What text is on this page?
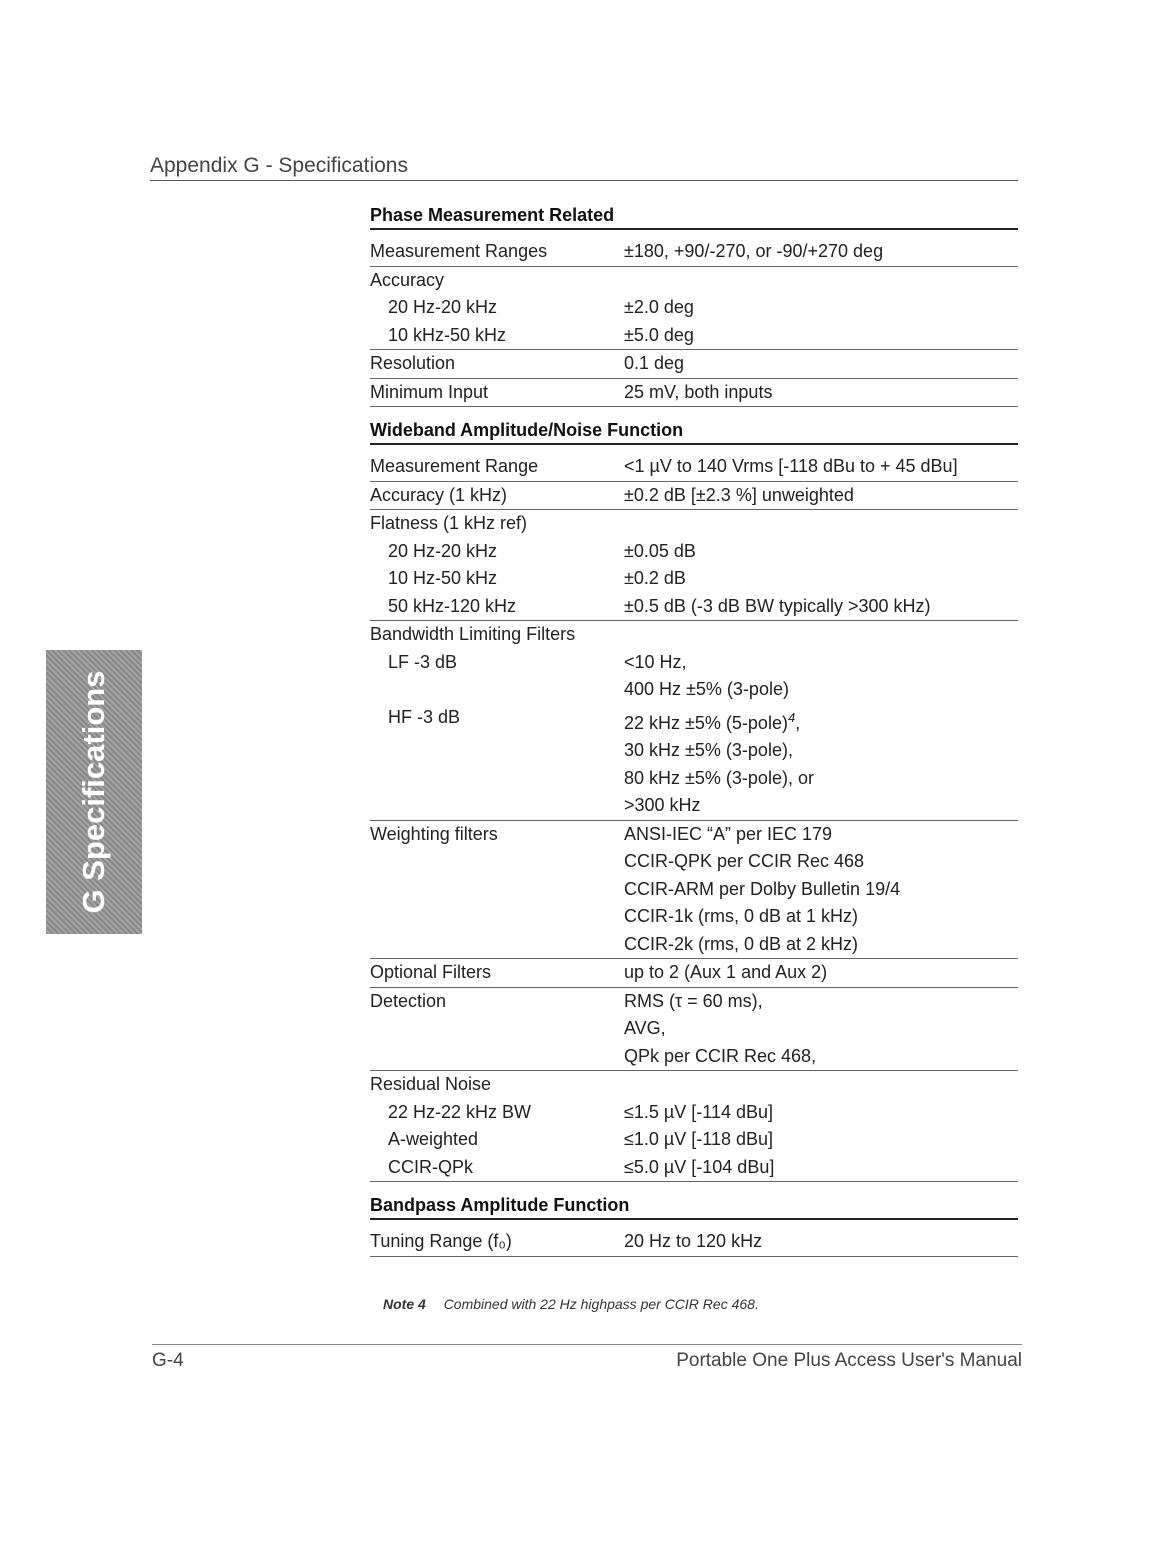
Appendix G - Specifications
G Specifications
Phase Measurement Related
Measurement Ranges	±180, +90/-270, or -90/+270 deg
Accuracy
20 Hz-20 kHz	±2.0 deg
10 kHz-50 kHz	±5.0 deg
Resolution	0.1 deg
Minimum Input	25 mV, both inputs
Wideband Amplitude/Noise Function
Measurement Range	<1 µV to 140 Vrms [-118 dBu to + 45 dBu]
Accuracy (1 kHz)	±0.2 dB [±2.3 %] unweighted
Flatness (1 kHz ref)
20 Hz-20 kHz	±0.05 dB
10 Hz-50 kHz	±0.2 dB
50 kHz-120 kHz	±0.5 dB (-3 dB BW typically >300 kHz)
Bandwidth Limiting Filters
LF -3 dB	<10 Hz,
400 Hz ±5% (3-pole)
HF -3 dB	22 kHz ±5% (5-pole)$^4$,
30 kHz ±5% (3-pole),
80 kHz ±5% (3-pole), or
>300 kHz
Weighting filters	ANSI-IEC “A” per IEC 179
CCIR-QPK per CCIR Rec 468
CCIR-ARM per Dolby Bulletin 19/4
CCIR-1k (rms, 0 dB at 1 kHz)
CCIR-2k (rms, 0 dB at 2 kHz)
Optional Filters	up to 2 (Aux 1 and Aux 2)
Detection	RMS (τ = 60 ms),
AVG,
QPk per CCIR Rec 468,
Residual Noise
22 Hz-22 kHz BW	≤1.5 µV [-114 dBu]
A-weighted	≤1.0 µV [-118 dBu]
CCIR-QPk	≤5.0 µV [-104 dBu]
Bandpass Amplitude Function
Tuning Range (f₀)	20 Hz to 120 kHz
Note 4 Combined with 22 Hz highpass per CCIR Rec 468.
G-4	Portable One Plus Access User's Manual
